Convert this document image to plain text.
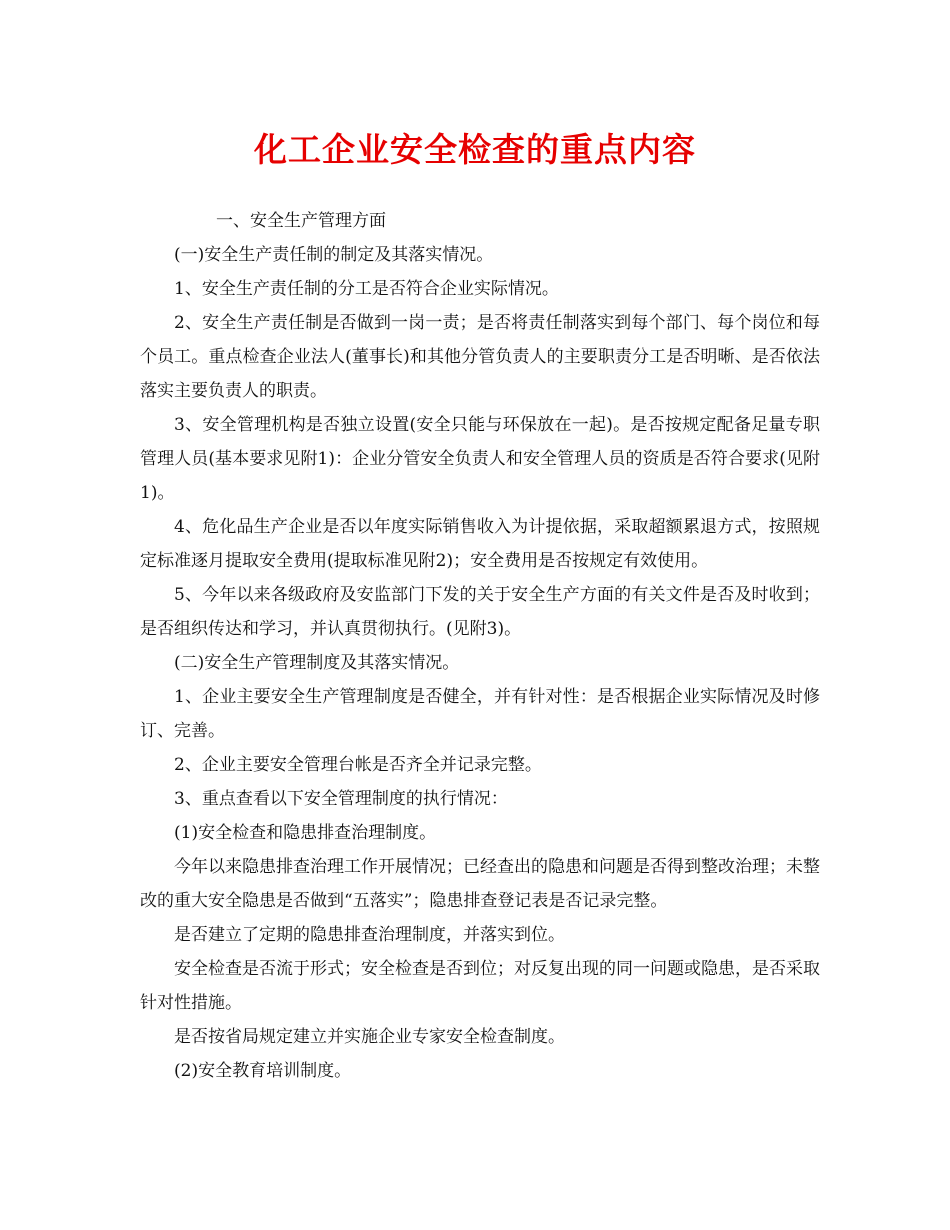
化工企业安全检查的重点内容

一、安全生产管理方面

(一)安全生产责任制的制定及其落实情况。

1、安全生产责任制的分工是否符合企业实际情况。

2、安全生产责任制是否做到一岗一责；是否将责任制落实到每个部门、每个岗位和每个员工。重点检查企业法人(董事长)和其他分管负责人的主要职责分工是否明晰、是否依法落实主要负责人的职责。

3、安全管理机构是否独立设置(安全只能与环保放在一起)。是否按规定配备足量专职管理人员(基本要求见附1)：企业分管安全负责人和安全管理人员的资质是否符合要求(见附1)。

4、危化品生产企业是否以年度实际销售收入为计提依据，采取超额累退方式，按照规定标准逐月提取安全费用(提取标准见附2)；安全费用是否按规定有效使用。

5、今年以来各级政府及安监部门下发的关于安全生产方面的有关文件是否及时收到；是否组织传达和学习，并认真贯彻执行。(见附3)。

(二)安全生产管理制度及其落实情况。

1、企业主要安全生产管理制度是否健全，并有针对性：是否根据企业实际情况及时修订、完善。

2、企业主要安全管理台帐是否齐全并记录完整。

3、重点查看以下安全管理制度的执行情况：

(1)安全检查和隐患排查治理制度。

今年以来隐患排查治理工作开展情况；已经查出的隐患和问题是否得到整改治理；未整改的重大安全隐患是否做到“五落实”；隐患排查登记表是否记录完整。

是否建立了定期的隐患排查治理制度，并落实到位。

安全检查是否流于形式；安全检查是否到位；对反复出现的同一问题或隐患，是否采取针对性措施。

是否按省局规定建立并实施企业专家安全检查制度。

(2)安全教育培训制度。
